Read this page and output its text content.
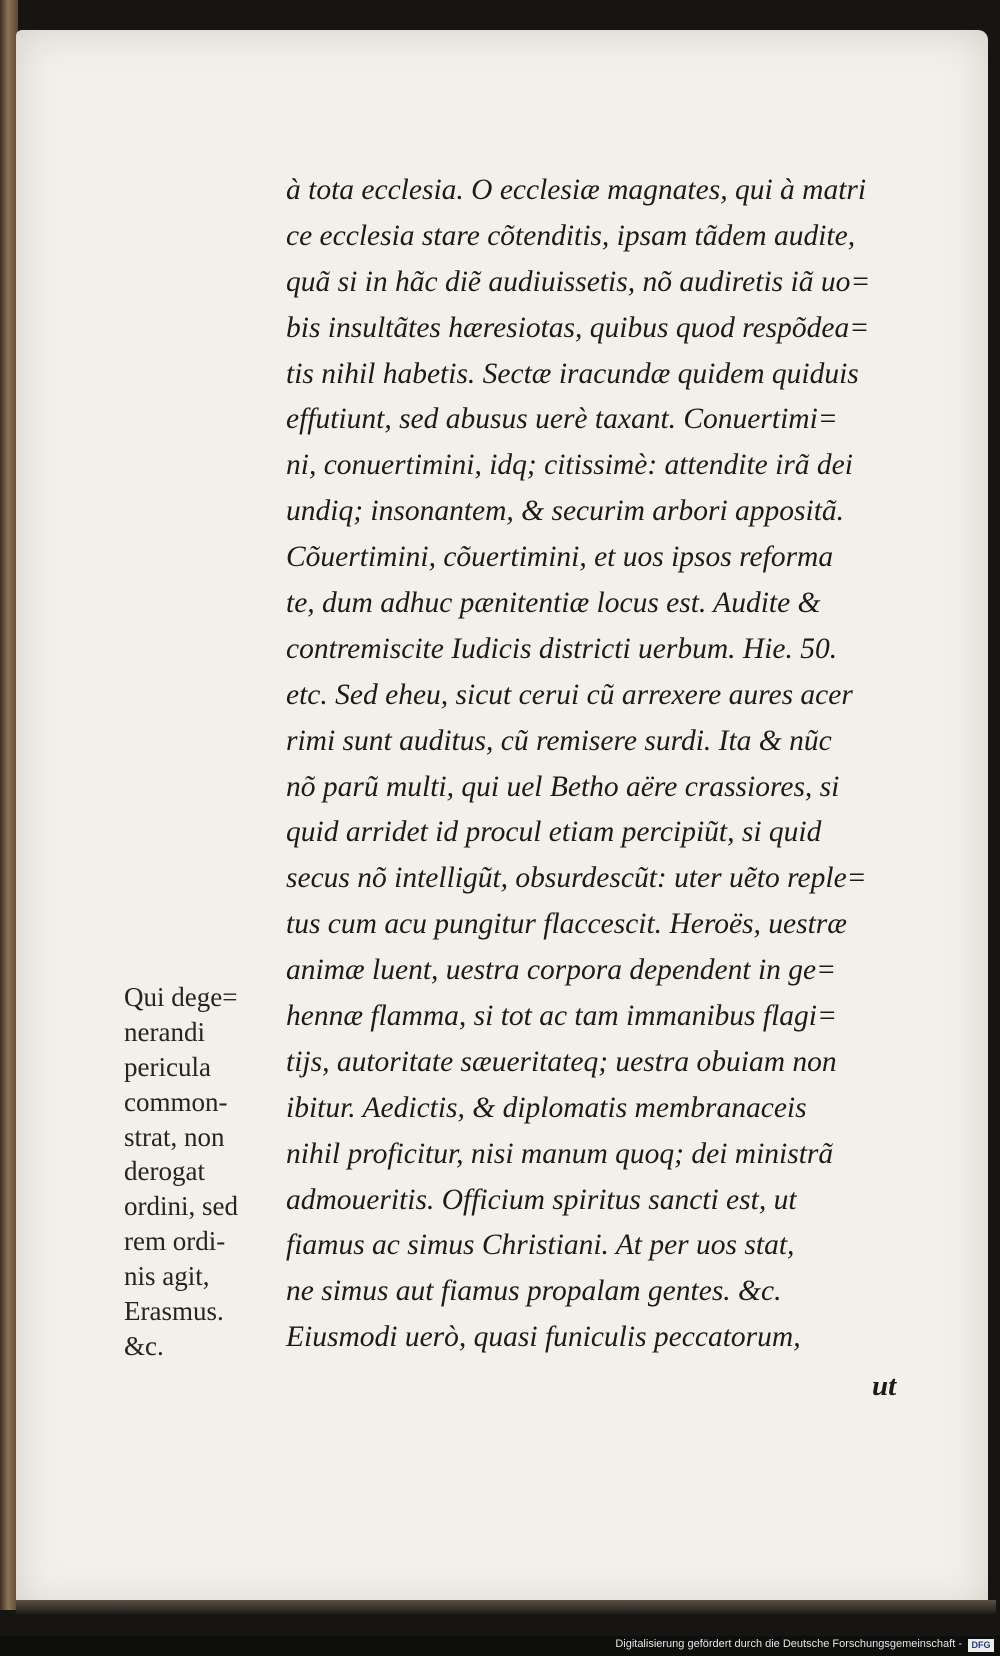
à tota ecclesia. O ecclesiæ magnates, qui à matri
ce ecclesia stare cõtenditis, ipsam tãdem audite,
quã si in hãc diẽ audiuissetis, nõ audiretis iã uo=
bis insultãtes hæresiotas, quibus quod respõdea=
tis nihil habetis. Sectæ iracundæ quidem quiduis
effutiunt, sed abusus uerè taxant. Conuertimi=
ni, conuertimini, idq; citissimè: attendite irã dei
undiq; insonantem, & securim arbori appositã.
Cõuertimini, cõuertimini, et uos ipsos reforma
te, dum adhuc pænitentiæ locus est. Audite &
contremiscite Iudicis districti uerbum. Hie. 50.
etc. Sed eheu, sicut cerui cũ arrexere aures acer
rimi sunt auditus, cũ remisere surdi. Ita & nũc
nõ parũ multi, qui uel Betho aëre crassiores, si
quid arridet id procul etiam percipiũt, si quid
secus nõ intelligũt, obsurdescũt: uter uẽto reple=
tus cum acu pungitur flaccescit. Heroës, uestræ
animæ luent, uestra corpora dependent in ge=
hennæ flamma, si tot ac tam immanibus flagi=
tijs, autoritate sæueritateq; uestra obuiam non
ibitur. Aedictis, & diplomatis membranaceis
nihil proficitur, nisi manum quoq; dei ministrã
admoueritis. Officium spiritus sancti est, ut
fiamus ac simus Christiani. At per uos stat,
ne simus aut fiamus propalam gentes. &c.
Eiusmodi uerò, quasi funiculis peccatorum,
ut
Qui dege=
nerandi
pericula
common-
strat, non
derogat
ordini, sed
rem ordi-
nis agit,
Erasmus.
&c.
Digitalisierung gefördert durch die Deutsche Forschungsgemeinschaft -	DFG
